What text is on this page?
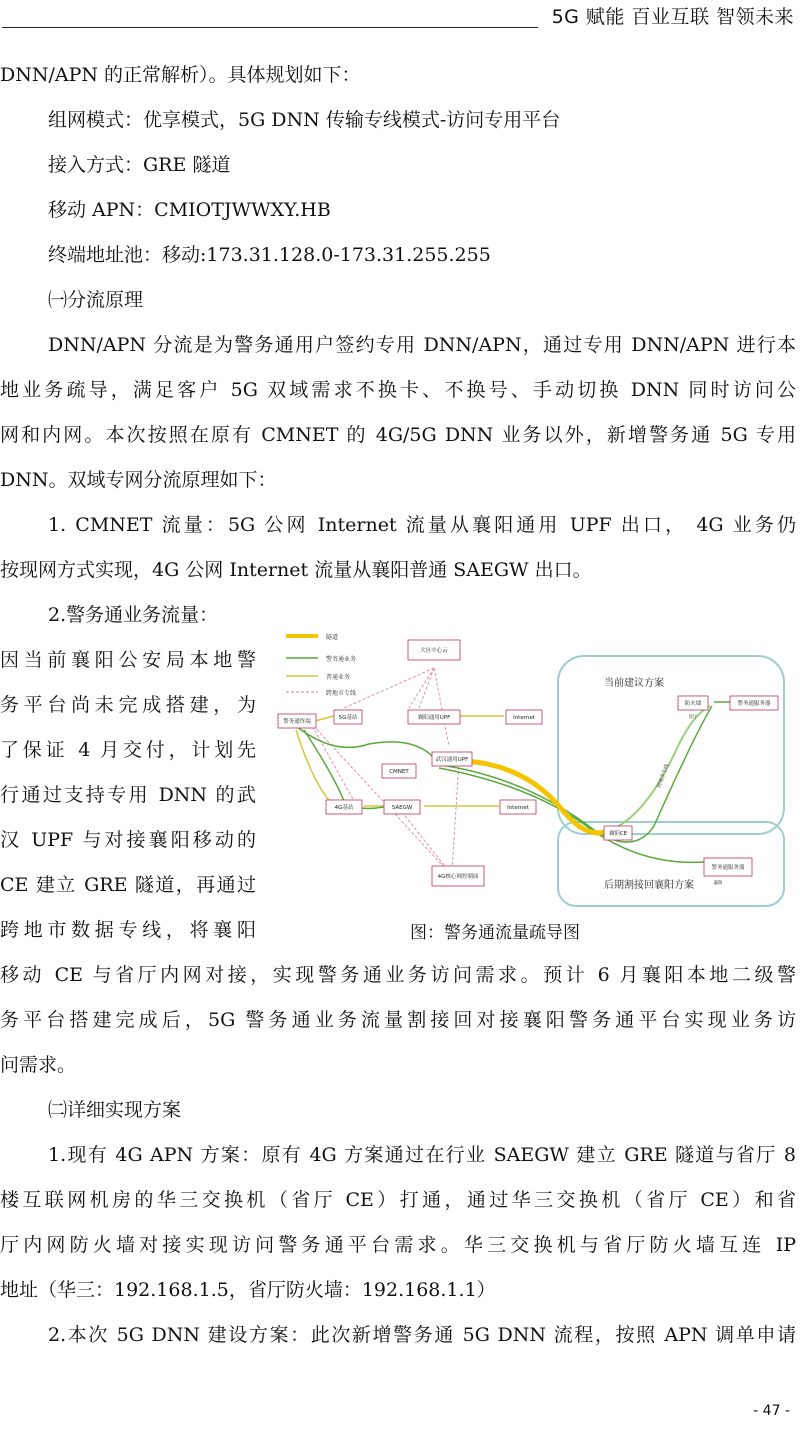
5G 赋能 百业互联 智领未来
DNN/APN 的正常解析）。具体规划如下：
组网模式：优享模式，5G DNN 传输专线模式-访问专用平台
接入方式：GRE 隧道
移动 APN：CMIOTJWWXY.HB
终端地址池：移动:173.31.128.0-173.31.255.255
㈠分流原理
DNN/APN 分流是为警务通用户签约专用 DNN/APN，通过专用 DNN/APN 进行本
地业务疏导，满足客户 5G 双域需求不换卡、不换号、手动切换 DNN 同时访问公
网和内网。本次按照在原有 CMNET 的 4G/5G DNN 业务以外，新增警务通 5G 专用
DNN。双域专网分流原理如下：
1. CMNET 流量：5G 公网 Internet 流量从襄阳通用 UPF 出口， 4G 业务仍
按现网方式实现，4G 公网 Internet 流量从襄阳普通 SAEGW 出口。
2.警务通业务流量：
因当前襄阳公安局本地警
务平台尚未完成搭建，为
了保证 4 月交付，计划先
行通过支持专用 DNN 的武
汉 UPF 与对接襄阳移动的
CE 建立 GRE 隧道，再通过
跨地市数据专线，将襄阳
当前建议方案
后期割接回襄阳方案
隧道
警务通业务
普通业务
跨地市专线
警务通终端
5G基站	襄阳通用UPF	Internet
大区中心云
CMNET
武汉通用UPF
4G基站	SAEGW	Internet
4G核心网控制面
防火墙	警务通服务器
襄阳CE
警务通服务器
省厅
襄阳
跨地市专线
图：警务通流量疏导图
移动 CE 与省厅内网对接，实现警务通业务访问需求。预计 6 月襄阳本地二级警
务平台搭建完成后，5G 警务通业务流量割接回对接襄阳警务通平台实现业务访
问需求。
㈡详细实现方案
1.现有 4G APN 方案：原有 4G 方案通过在行业 SAEGW 建立 GRE 隧道与省厅 8
楼互联网机房的华三交换机（省厅 CE）打通，通过华三交换机（省厅 CE）和省
厅内网防火墙对接实现访问警务通平台需求。华三交换机与省厅防火墙互连 IP
地址（华三：192.168.1.5，省厅防火墙：192.168.1.1）
2.本次 5G DNN 建设方案：此次新增警务通 5G DNN 流程，按照 APN 调单申请
- 47 -
